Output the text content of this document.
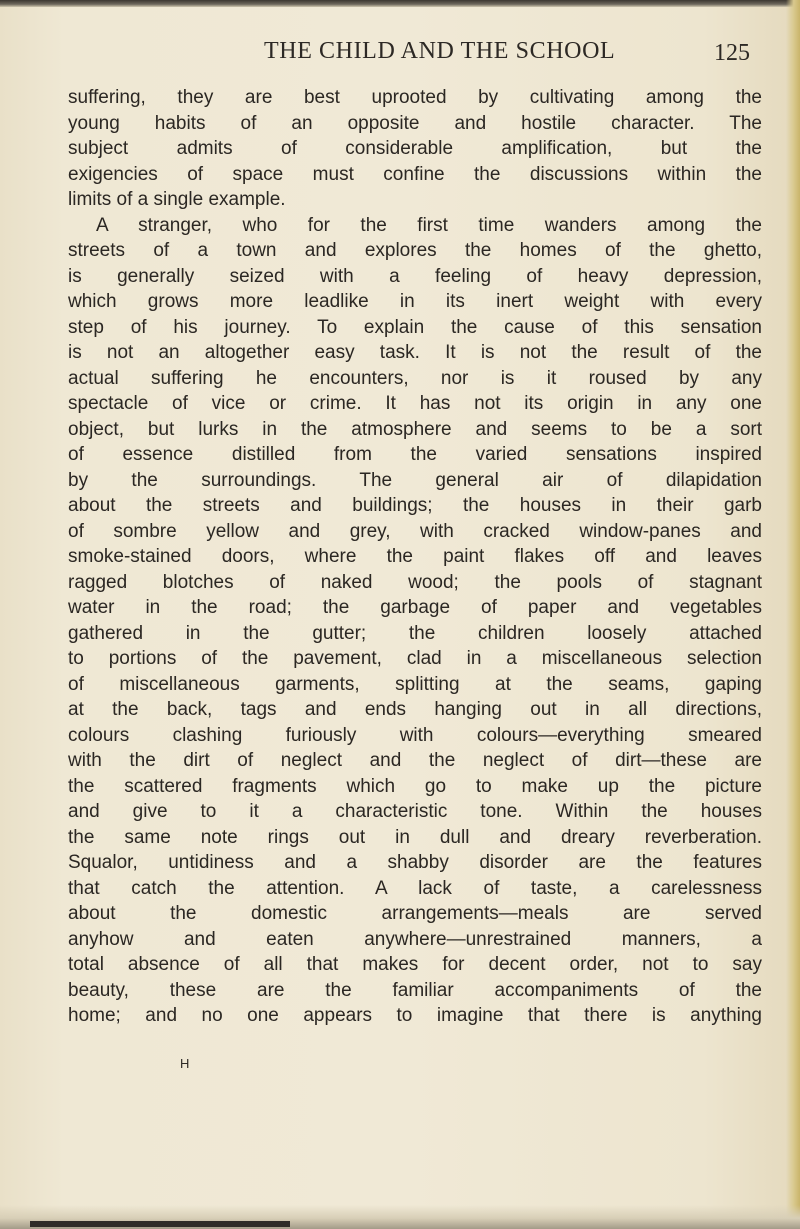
THE CHILD AND THE SCHOOL	125
suffering, they are best uprooted by cultivating among the
young habits of an opposite and hostile character. The
subject admits of considerable amplification, but the
exigencies of space must confine the discussions within the
limits of a single example.
A stranger, who for the first time wanders among the
streets of a town and explores the homes of the ghetto,
is generally seized with a feeling of heavy depression,
which grows more leadlike in its inert weight with every
step of his journey. To explain the cause of this sensation
is not an altogether easy task. It is not the result of the
actual suffering he encounters, nor is it roused by any
spectacle of vice or crime. It has not its origin in any one
object, but lurks in the atmosphere and seems to be a sort
of essence distilled from the varied sensations inspired
by the surroundings. The general air of dilapidation
about the streets and buildings; the houses in their garb
of sombre yellow and grey, with cracked window-panes and
smoke-stained doors, where the paint flakes off and leaves
ragged blotches of naked wood; the pools of stagnant
water in the road; the garbage of paper and vegetables
gathered in the gutter; the children loosely attached
to portions of the pavement, clad in a miscellaneous selection
of miscellaneous garments, splitting at the seams, gaping
at the back, tags and ends hanging out in all directions,
colours clashing furiously with colours—everything smeared
with the dirt of neglect and the neglect of dirt—these are
the scattered fragments which go to make up the picture
and give to it a characteristic tone. Within the houses
the same note rings out in dull and dreary reverberation.
Squalor, untidiness and a shabby disorder are the features
that catch the attention. A lack of taste, a carelessness
about the domestic arrangements—meals are served
anyhow and eaten anywhere—unrestrained manners, a
total absence of all that makes for decent order, not to say
beauty, these are the familiar accompaniments of the
home; and no one appears to imagine that there is anything
H
